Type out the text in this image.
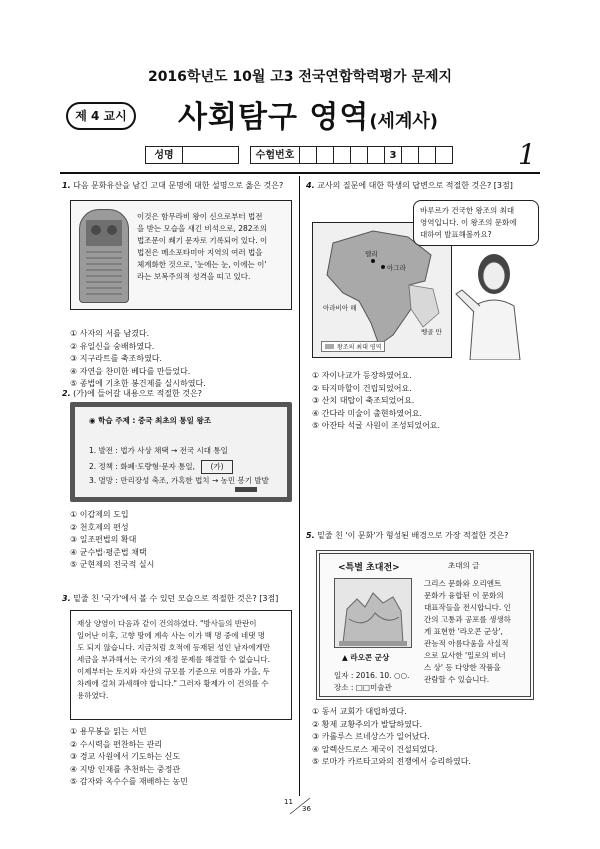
2016학년도 10월 고3 전국연합학력평가 문제지
제 4 교시 사회탐구 영역(세계사)
성명	수험번호	3	1
1. 다음 문화유산을 남긴 고대 문명에 대한 설명으로 옳은 것은?
이것은 함무라비 왕이 신으로부터 법전
을 받는 모습을 새긴 비석으로, 282조의
법조문이 쐐기 문자로 기록되어 있다. 이
법전은 메소포타미아 지역의 여러 법을
체계화한 것으로, '눈에는 눈, 이에는 이'
라는 보복주의적 성격을 띠고 있다.
① 사자의 서를 남겼다.
② 유일신을 숭배하였다.
③ 지구라트를 축조하였다.
④ 자연을 찬미한 베다를 만들었다.
⑤ 종법에 기초한 봉건제를 실시하였다.
2. (가)에 들어갈 내용으로 적절한 것은?
◉ 학습 주제 : 중국 최초의 통일 왕조
1. 발전 : 법가 사상 채택 → 전국 시대 통일
2. 정책 : 화폐·도량형·문자 통일, (가)
3. 멸망 : 만리장성 축조, 가혹한 법치 → 농민 봉기 발발
① 이갑제의 도입
② 천호제의 편성
③ 일조편법의 확대
④ 균수법·평준법 채택
⑤ 군현제의 전국적 실시
3. 밑줄 친 '국가'에서 볼 수 있던 모습으로 적절한 것은? [3점]
재상 양염이 다음과 같이 건의하였다. "방사들의 반란이
일어난 이후, 고향 땅에 계속 사는 이가 백 명 중에 네댓 명
도 되지 않습니다. 지금처럼 호적에 등재된 성인 남자에게만
세금을 부과해서는 국가의 재정 문제를 해결할 수 없습니다.
이제부터는 토지와 자산의 규모를 기준으로 여름과 가을, 두
차례에 걸쳐 과세해야 합니다." 그러자 황제가 이 건의를 수
용하였다.
① 용무봉을 읽는 서민
② 수시력을 편찬하는 관리
③ 경교 사원에서 기도하는 신도
④ 지방 인재를 추천하는 중정관
⑤ 감자와 옥수수를 재배하는 농민
4. 교사의 질문에 대한 학생의 답변으로 적절한 것은? [3점]
델리
아그라
아라비아 해
벵골 만
왕조의 최대 영역
바루르가 건국한 왕조의 최대
영역입니다. 이 왕조의 문화에
대하여 발표해볼까요?
① 자이나교가 등장하였어요.
② 타지마할이 건립되었어요.
③ 산치 대탑이 축조되었어요.
④ 간다라 미술이 출현하였어요.
⑤ 아잔타 석굴 사원이 조성되었어요.
5. 밑줄 친 '이 문화'가 형성된 배경으로 가장 적절한 것은?
<특별 초대전>	초대의 글
▲ 라오콘 군상
일자 : 2016. 10. ○○.
장소 : □□미술관
그리스 문화와 오리엔트
문화가 융합된 이 문화의
대표작들을 전시합니다. 인
간의 고통과 공포를 생생하
게 표현한 '라오콘 군상',
관능적 아름다움을 사실적
으로 묘사한 '밀로의 비너
스 상' 등 다양한 작품을
관람할 수 있습니다.
① 동서 교회가 대립하였다.
② 황제 교황주의가 발달하였다.
③ 카롤루스 르네상스가 일어났다.
④ 알렉산드로스 제국이 건설되었다.
⑤ 로마가 카르타고와의 전쟁에서 승리하였다.
11
36
